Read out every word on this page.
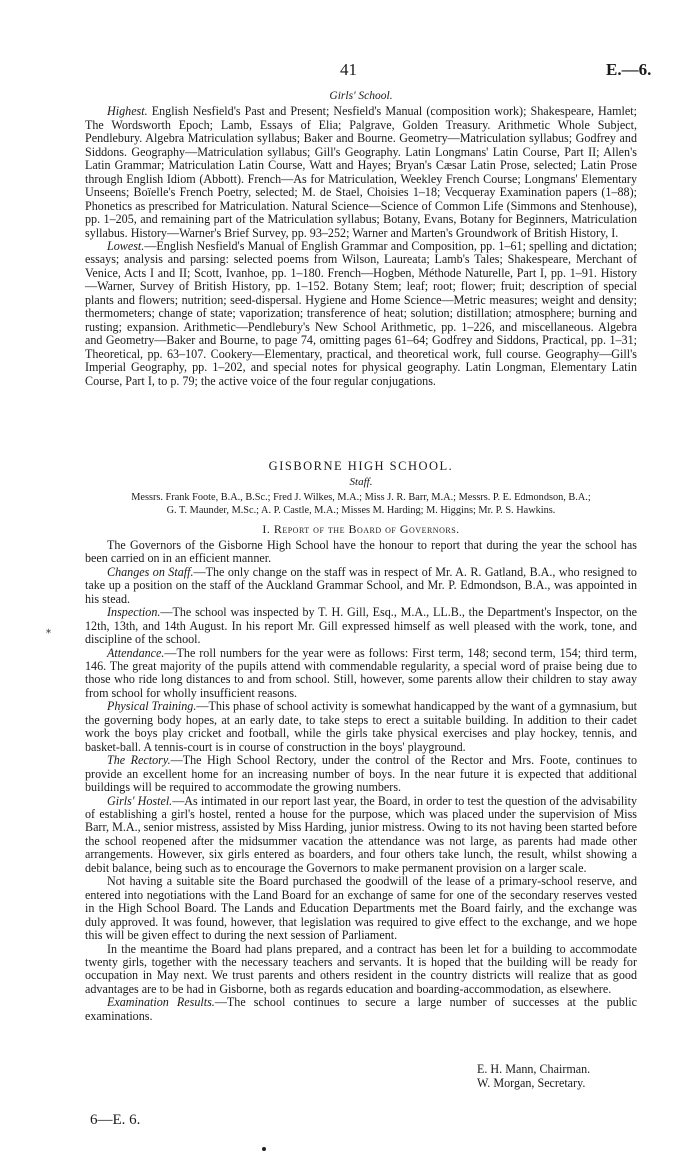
41	E.—6.

Girls' School.

Highest. English Nesfield's Past and Present; Nesfield's Manual (composition work); Shakespeare, Hamlet; The Wordsworth Epoch; Lamb, Essays of Elia; Palgrave, Golden Treasury. Arithmetic Whole Subject, Pendlebury. Algebra Matriculation syllabus; Baker and Bourne. Geometry—Matriculation syllabus; Godfrey and Siddons. Geography—Matriculation syllabus; Gill's Geography. Latin Longmans' Latin Course, Part II; Allen's Latin Grammar; Matriculation Latin Course, Watt and Hayes; Bryan's Cæsar Latin Prose, selected; Latin Prose through English Idiom (Abbott). French—As for Matriculation, Weekley French Course; Longmans' Elementary Unseens; Boïelle's French Poetry, selected; M. de Stael, Choisies 1–18; Vecqueray Examination papers (1–88); Phonetics as prescribed for Matriculation. Natural Science—Science of Common Life (Simmons and Stenhouse), pp. 1–205, and remaining part of the Matriculation syllabus; Botany, Evans, Botany for Beginners, Matriculation syllabus. History—Warner's Brief Survey, pp. 93–252; Warner and Marten's Groundwork of British History, I.

Lowest.—English Nesfield's Manual of English Grammar and Composition, pp. 1–61; spelling and dictation; essays; analysis and parsing: selected poems from Wilson, Laureata; Lamb's Tales; Shakespeare, Merchant of Venice, Acts I and II; Scott, Ivanhoe, pp. 1–180. French—Hogben, Méthode Naturelle, Part I, pp. 1–91. History—Warner, Survey of British History, pp. 1–152. Botany Stem; leaf; root; flower; fruit; description of special plants and flowers; nutrition; seed-dispersal. Hygiene and Home Science—Metric measures; weight and density; thermometers; change of state; vaporization; transference of heat; solution; distillation; atmosphere; burning and rusting; expansion. Arithmetic—Pendlebury's New School Arithmetic, pp. 1–226, and miscellaneous. Algebra and Geometry—Baker and Bourne, to page 74, omitting pages 61–64; Godfrey and Siddons, Practical, pp. 1–31; Theoretical, pp. 63–107. Cookery—Elementary, practical, and theoretical work, full course. Geography—Gill's Imperial Geography, pp. 1–202, and special notes for physical geography. Latin Longman, Elementary Latin Course, Part I, to p. 79; the active voice of the four regular conjugations.

GISBORNE HIGH SCHOOL.

Staff.

Messrs. Frank Foote, B.A., B.Sc.; Fred J. Wilkes, M.A.; Miss J. R. Barr, M.A.; Messrs. P. E. Edmondson, B.A.;

G. T. Maunder, M.Sc.; A. P. Castle, M.A.; Misses M. Harding; M. Higgins; Mr. P. S. Hawkins.

I. Report of the Board of Governors.

The Governors of the Gisborne High School have the honour to report that during the year the school has been carried on in an efficient manner.

Changes on Staff.—The only change on the staff was in respect of Mr. A. R. Gatland, B.A., who resigned to take up a position on the staff of the Auckland Grammar School, and Mr. P. Edmondson, B.A., was appointed in his stead.

Inspection.—The school was inspected by T. H. Gill, Esq., M.A., LL.B., the Department's Inspector, on the 12th, 13th, and 14th August. In his report Mr. Gill expressed himself as well pleased with the work, tone, and discipline of the school.

Attendance.—The roll numbers for the year were as follows: First term, 148; second term, 154; third term, 146. The great majority of the pupils attend with commendable regularity, a special word of praise being due to those who ride long distances to and from school. Still, however, some parents allow their children to stay away from school for wholly insufficient reasons.

Physical Training.—This phase of school activity is somewhat handicapped by the want of a gymnasium, but the governing body hopes, at an early date, to take steps to erect a suitable building. In addition to their cadet work the boys play cricket and football, while the girls take physical exercises and play hockey, tennis, and basket-ball. A tennis-court is in course of construction in the boys' playground.

The Rectory.—The High School Rectory, under the control of the Rector and Mrs. Foote, continues to provide an excellent home for an increasing number of boys. In the near future it is expected that additional buildings will be required to accommodate the growing numbers.

Girls' Hostel.—As intimated in our report last year, the Board, in order to test the question of the advisability of establishing a girl's hostel, rented a house for the purpose, which was placed under the supervision of Miss Barr, M.A., senior mistress, assisted by Miss Harding, junior mistress. Owing to its not having been started before the school reopened after the midsummer vacation the attendance was not large, as parents had made other arrangements. However, six girls entered as boarders, and four others take lunch, the result, whilst showing a debit balance, being such as to encourage the Governors to make permanent provision on a larger scale.

Not having a suitable site the Board purchased the goodwill of the lease of a primary-school reserve, and entered into negotiations with the Land Board for an exchange of same for one of the secondary reserves vested in the High School Board. The Lands and Education Departments met the Board fairly, and the exchange was duly approved. It was found, however, that legislation was required to give effect to the exchange, and we hope this will be given effect to during the next session of Parliament.

In the meantime the Board had plans prepared, and a contract has been let for a building to accommodate twenty girls, together with the necessary teachers and servants. It is hoped that the building will be ready for occupation in May next. We trust parents and others resident in the country districts will realize that as good advantages are to be had in Gisborne, both as regards education and boarding-accommodation, as elsewhere.

Examination Results.—The school continues to secure a large number of successes at the public examinations.

E. H. Mann, Chairman.
W. Morgan, Secretary.
6—E. 6.
⁎
